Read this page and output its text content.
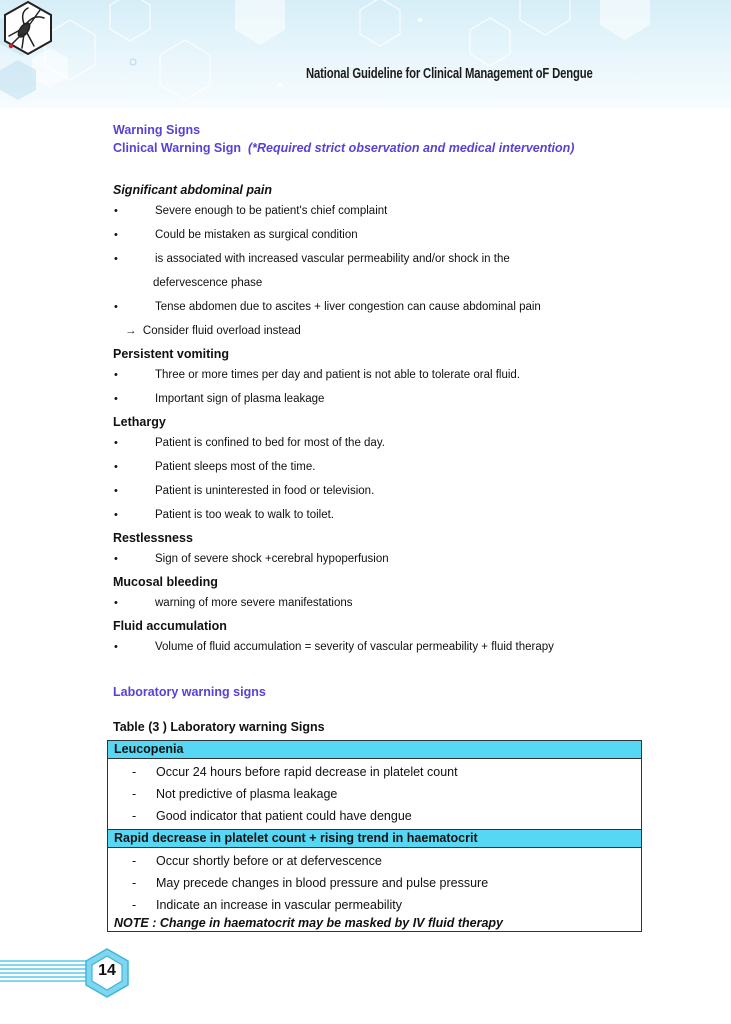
National Guideline for Clinical Management oF Dengue
Warning Signs
Clinical Warning Sign (*Required strict observation and medical intervention)
Significant abdominal pain
•	Severe enough to be patient's chief complaint
•	Could be mistaken as surgical condition
•	is associated with increased vascular permeability and/or shock in the
defervescence phase
•	Tense abdomen due to ascites + liver congestion can cause abdominal pain
→ Consider fluid overload instead
Persistent vomiting
•	Three or more times per day and patient is not able to tolerate oral fluid.
•	Important sign of plasma leakage
Lethargy
•	Patient is confined to bed for most of the day.
•	Patient sleeps most of the time.
•	Patient is uninterested in food or television.
•	Patient is too weak to walk to toilet.
Restlessness
•	Sign of severe shock +cerebral hypoperfusion
Mucosal bleeding
•	warning of more severe manifestations
Fluid accumulation
•	Volume of fluid accumulation = severity of vascular permeability + fluid therapy
Laboratory warning signs
Table (3 ) Laboratory warning Signs
Leucopenia

- Occur 24 hours before rapid decrease in platelet count
- Not predictive of plasma leakage
- Good indicator that patient could have dengue

Rapid decrease in platelet count + rising trend in haematocrit

- Occur shortly before or at defervescence
- May precede changes in blood pressure and pulse pressure
- Indicate an increase in vascular permeability
NOTE : Change in haematocrit may be masked by IV fluid therapy
14
